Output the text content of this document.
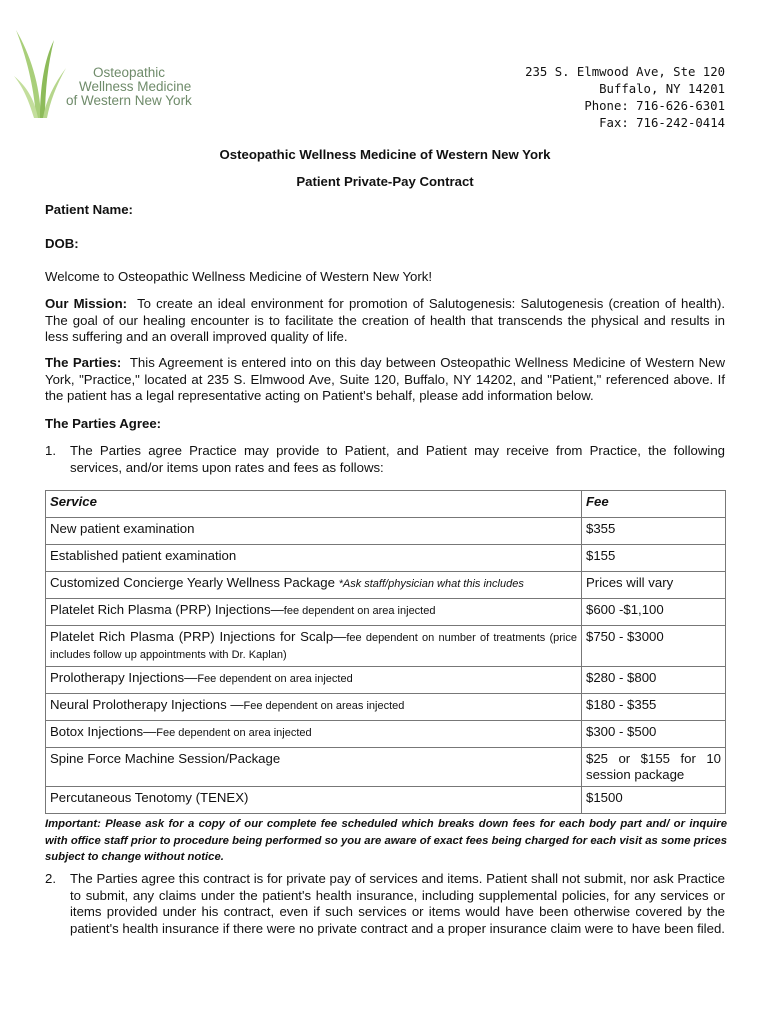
Osteopathic
Wellness Medicine
of Western New York
235 S. Elmwood Ave, Ste 120
Buffalo, NY 14201
Phone: 716-626-6301
Fax: 716-242-0414
Osteopathic Wellness Medicine of Western New York
Patient Private-Pay Contract
Patient Name:
DOB:
Welcome to Osteopathic Wellness Medicine of Western New York!
Our Mission: To create an ideal environment for promotion of Salutogenesis: Salutogenesis (creation of health). The goal of our healing encounter is to facilitate the creation of health that transcends the physical and results in less suffering and an overall improved quality of life.
The Parties: This Agreement is entered into on this day between Osteopathic Wellness Medicine of Western New York, "Practice," located at 235 S. Elmwood Ave, Suite 120, Buffalo, NY 14202, and "Patient," referenced above. If the patient has a legal representative acting on Patient's behalf, please add information below.
The Parties Agree:
1. The Parties agree Practice may provide to Patient, and Patient may receive from Practice, the following services, and/or items upon rates and fees as follows:
Service	Fee
New patient examination	$355
Established patient examination	$155
Customized Concierge Yearly Wellness Package *Ask staff/physician what this includes	Prices will vary
Platelet Rich Plasma (PRP) Injections—fee dependent on area injected	$600 -$1,100
Platelet Rich Plasma (PRP) Injections for Scalp—fee dependent on number of treatments (price includes follow up appointments with Dr. Kaplan)	$750 - $3000
Prolotherapy Injections—Fee dependent on area injected	$280 - $800
Neural Prolotherapy Injections —Fee dependent on areas injected	$180 - $355
Botox Injections—Fee dependent on area injected	$300 - $500
Spine Force Machine Session/Package	$25 or $155 for 10 session package
Percutaneous Tenotomy (TENEX)	$1500
Important: Please ask for a copy of our complete fee scheduled which breaks down fees for each body part and/ or inquire with office staff prior to procedure being performed so you are aware of exact fees being charged for each visit as some prices subject to change without notice.
2. The Parties agree this contract is for private pay of services and items. Patient shall not submit, nor ask Practice to submit, any claims under the patient's health insurance, including supplemental policies, for any services or items provided under his contract, even if such services or items would have been otherwise covered by the patient's health insurance if there were no private contract and a proper insurance claim were to have been filed.
